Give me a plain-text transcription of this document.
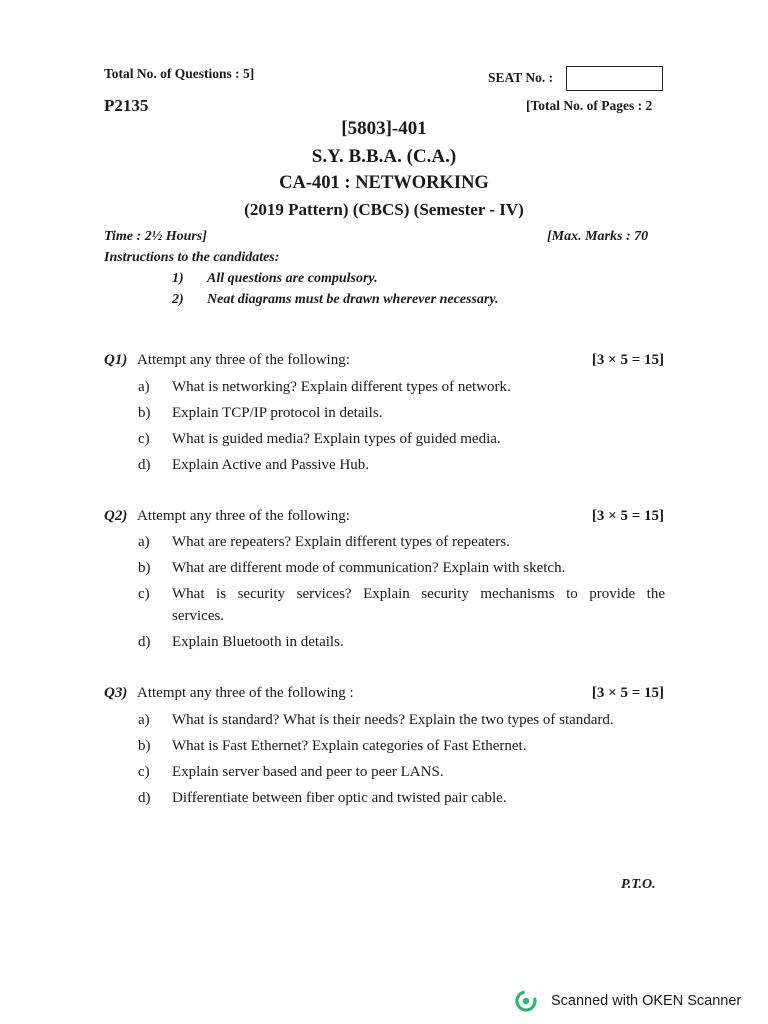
Total No. of Questions : 5]	SEAT No. :
P2135	[Total No. of Pages : 2
[5803]-401
S.Y. B.B.A. (C.A.)
CA-401 : NETWORKING
(2019 Pattern) (CBCS) (Semester - IV)
Time : 2½ Hours]	[Max. Marks : 70
Instructions to the candidates:
1)	All questions are compulsory.
2)	Neat diagrams must be drawn wherever necessary.
Q1) Attempt any three of the following:	[3 × 5 = 15]
a)	What is networking? Explain different types of network.
b)	Explain TCP/IP protocol in details.
c)	What is guided media? Explain types of guided media.
d)	Explain Active and Passive Hub.
Q2) Attempt any three of the following:	[3 × 5 = 15]
a)	What are repeaters? Explain different types of repeaters.
b)	What are different mode of communication? Explain with sketch.
c)	What is security services? Explain security mechanisms to provide the
services.
d)	Explain Bluetooth in details.
Q3) Attempt any three of the following :	[3 × 5 = 15]
a)	What is standard? What is their needs? Explain the two types of standard.
b)	What is Fast Ethernet? Explain categories of Fast Ethernet.
c)	Explain server based and peer to peer LANS.
d)	Differentiate between fiber optic and twisted pair cable.
P.T.O.
Scanned with OKEN Scanner
